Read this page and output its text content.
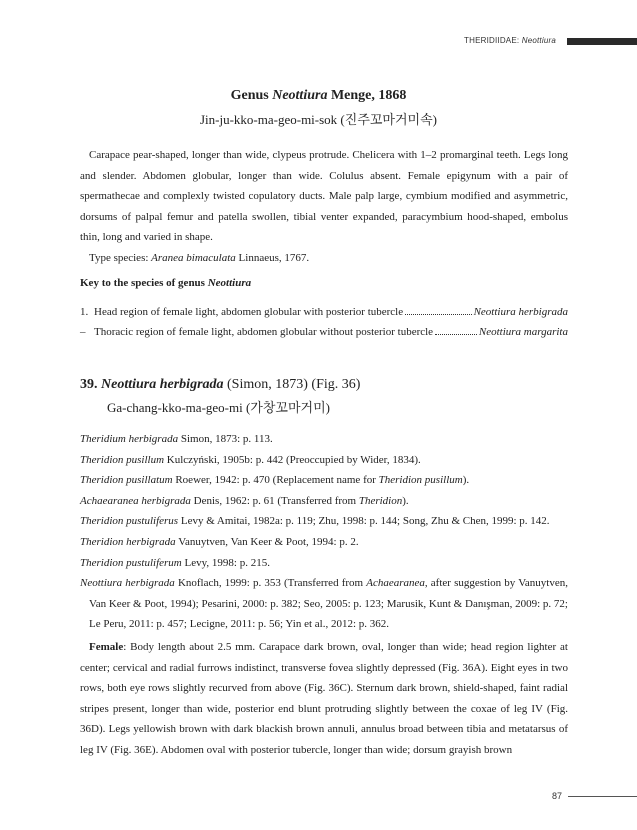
THERIDIIDAE: Neottiura
Genus Neottiura Menge, 1868
Jin-ju-kko-ma-geo-mi-sok (진주꼬마거미속)

Carapace pear-shaped, longer than wide, clypeus protrude. Chelicera with 1–2 promarginal teeth. Legs long and slender. Abdomen globular, longer than wide. Colulus absent. Female epigynum with a pair of spermathecae and complexly twisted copulatory ducts. Male palp large, cymbium modified and asymmetric, dorsums of palpal femur and patella swollen, tibial venter expanded, paracymbium hood-shaped, embolus thin, long and varied in shape.

Type species: Aranea bimaculata Linnaeus, 1767.

Key to the species of genus Neottiura
1. Head region of female light, abdomen globular with posterior tubercle	Neottiura herbigrada
– Thoracic region of female light, abdomen globular without posterior tubercle	Neottiura margarita
39. Neottiura herbigrada (Simon, 1873) (Fig. 36)
Ga-chang-kko-ma-geo-mi (가창꼬마거미)

Theridium herbigrada Simon, 1873: p. 113.

Theridion pusillum Kulczyński, 1905b: p. 442 (Preoccupied by Wider, 1834).

Theridion pusillatum Roewer, 1942: p. 470 (Replacement name for Theridion pusillum).

Achaearanea herbigrada Denis, 1962: p. 61 (Transferred from Theridion).

Theridion pustuliferus Levy & Amitai, 1982a: p. 119; Zhu, 1998: p. 144; Song, Zhu & Chen, 1999: p. 142.

Theridion herbigrada Vanuytven, Van Keer & Poot, 1994: p. 2.

Theridion pustuliferum Levy, 1998: p. 215.

Neottiura herbigrada Knoflach, 1999: p. 353 (Transferred from Achaearanea, after suggestion by Vanuytven, Van Keer & Poot, 1994); Pesarini, 2000: p. 382; Seo, 2005: p. 123; Marusik, Kunt & Danışman, 2009: p. 72; Le Peru, 2011: p. 457; Lecigne, 2011: p. 56; Yin et al., 2012: p. 362.

Female: Body length about 2.5 mm. Carapace dark brown, oval, longer than wide; head region lighter at center; cervical and radial furrows indistinct, transverse fovea slightly depressed (Fig. 36A). Eight eyes in two rows, both eye rows slightly recurved from above (Fig. 36C). Sternum dark brown, shield-shaped, faint radial stripes present, longer than wide, posterior end blunt protruding slightly between the coxae of leg IV (Fig. 36D). Legs yellowish brown with dark blackish brown annuli, annulus broad between tibia and metatarsus of leg IV (Fig. 36E). Abdomen oval with posterior tubercle, longer than wide; dorsum grayish brown

87
